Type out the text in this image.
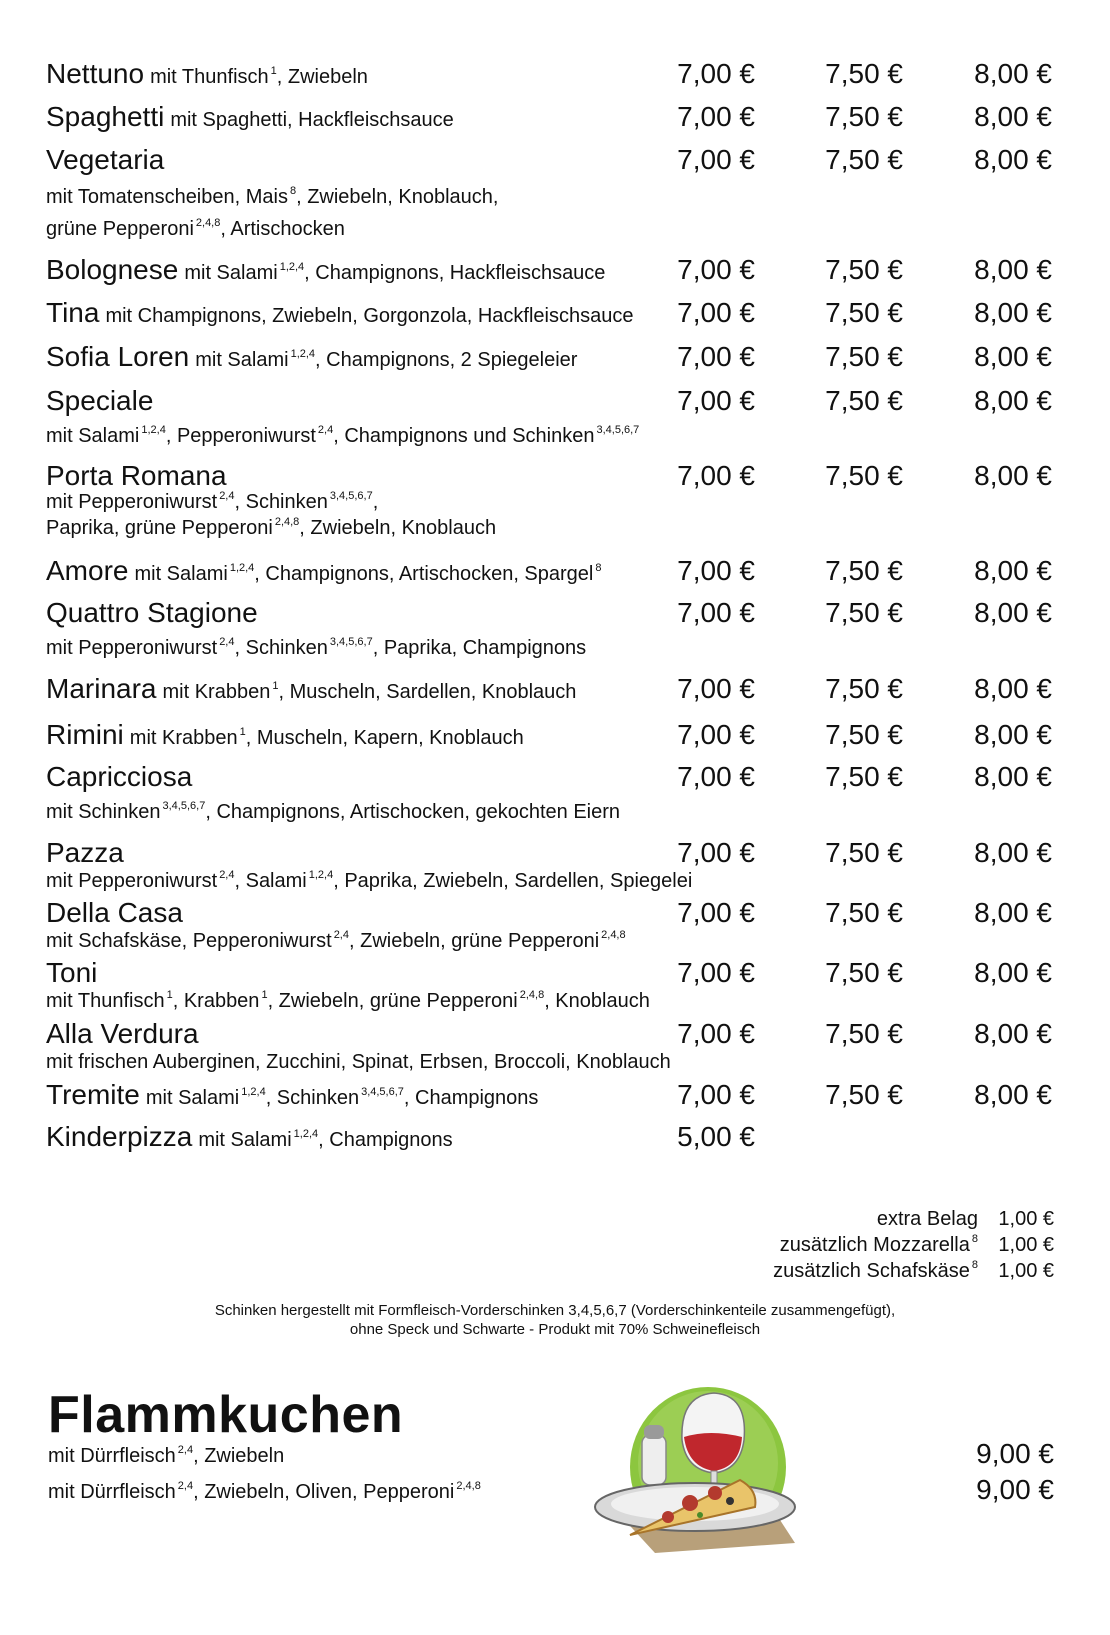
Nettuno mit Thunfisch $^1$, Zwiebeln	7,00 €	7,50 €	8,00 €
Spaghetti mit Spaghetti, Hackfleischsauce	7,00 €	7,50 €	8,00 €
Vegetaria	7,00 €	7,50 €	8,00 €
mit Tomatenscheiben, Mais $^8$, Zwiebeln, Knoblauch,
grüne Pepperoni $^{2,4,8}$, Artischocken
Bolognese mit Salami $^{1,2,4}$, Champignons, Hackfleischsauce	7,00 €	7,50 €	8,00 €
Tina mit Champignons, Zwiebeln, Gorgonzola, Hackfleischsauce 7,00 €	7,50 €	8,00 €
Sofia Loren mit Salami $^{1,2,4}$, Champignons, 2 Spiegeleier	7,00 €	7,50 €	8,00 €
Speciale	7,00 €	7,50 €	8,00 €
mit Salami $^{1,2,4}$, Pepperoniwurst $^{2,4}$, Champignons und Schinken $^{3,4,5,6,7}$
Porta Romana	7,00 €	7,50 €	8,00 €
mit Pepperoniwurst $^{2,4}$, Schinken $^{3,4,5,6,7}$,
Paprika, grüne Pepperoni $^{2,4,8}$, Zwiebeln, Knoblauch
Amore mit Salami $^{1,2,4}$, Champignons, Artischocken, Spargel $^8$	7,00 €	7,50 €	8,00 €
Quattro Stagione	7,00 €	7,50 €	8,00 €
mit Pepperoniwurst $^{2,4}$, Schinken $^{3,4,5,6,7}$, Paprika, Champignons
Marinara mit Krabben $^1$, Muscheln, Sardellen, Knoblauch	7,00 €	7,50 €	8,00 €
Rimini mit Krabben $^1$, Muscheln, Kapern, Knoblauch	7,00 €	7,50 €	8,00 €
Capricciosa	7,00 €	7,50 €	8,00 €
mit Schinken $^{3,4,5,6,7}$, Champignons, Artischocken, gekochten Eiern
Pazza	7,00 €	7,50 €	8,00 €
mit Pepperoniwurst $^{2,4}$, Salami $^{1,2,4}$, Paprika, Zwiebeln, Sardellen, Spiegelei
Della Casa	7,00 €	7,50 €	8,00 €
mit Schafskäse, Pepperoniwurst $^{2,4}$, Zwiebeln, grüne Pepperoni $^{2,4,8}$
Toni	7,00 €	7,50 €	8,00 €
mit Thunfisch $^1$, Krabben $^1$, Zwiebeln, grüne Pepperoni $^{2,4,8}$, Knoblauch
Alla Verdura	7,00 €	7,50 €	8,00 €
mit frischen Auberginen, Zucchini, Spinat, Erbsen, Broccoli, Knoblauch
Tremite mit Salami $^{1,2,4}$, Schinken $^{3,4,5,6,7}$, Champignons	7,00 €	7,50 €	8,00 €
Kinderpizza mit Salami $^{1,2,4}$, Champignons	5,00 €
extra Belag	1,00 €
zusätzlich Mozzarella $^8$	1,00 €
zusätzlich Schafskäse $^8$	1,00 €
Schinken hergestellt mit Formfleisch-Vorderschinken 3,4,5,6,7 (Vorderschinkenteile zusammengefügt),
ohne Speck und Schwarte - Produkt mit 70% Schweinefleisch
Flammkuchen
mit Dürrfleisch $^{2,4}$, Zwiebeln	9,00 €
mit Dürrfleisch $^{2,4}$, Zwiebeln, Oliven, Pepperoni $^{2,4,8}$	9,00 €
